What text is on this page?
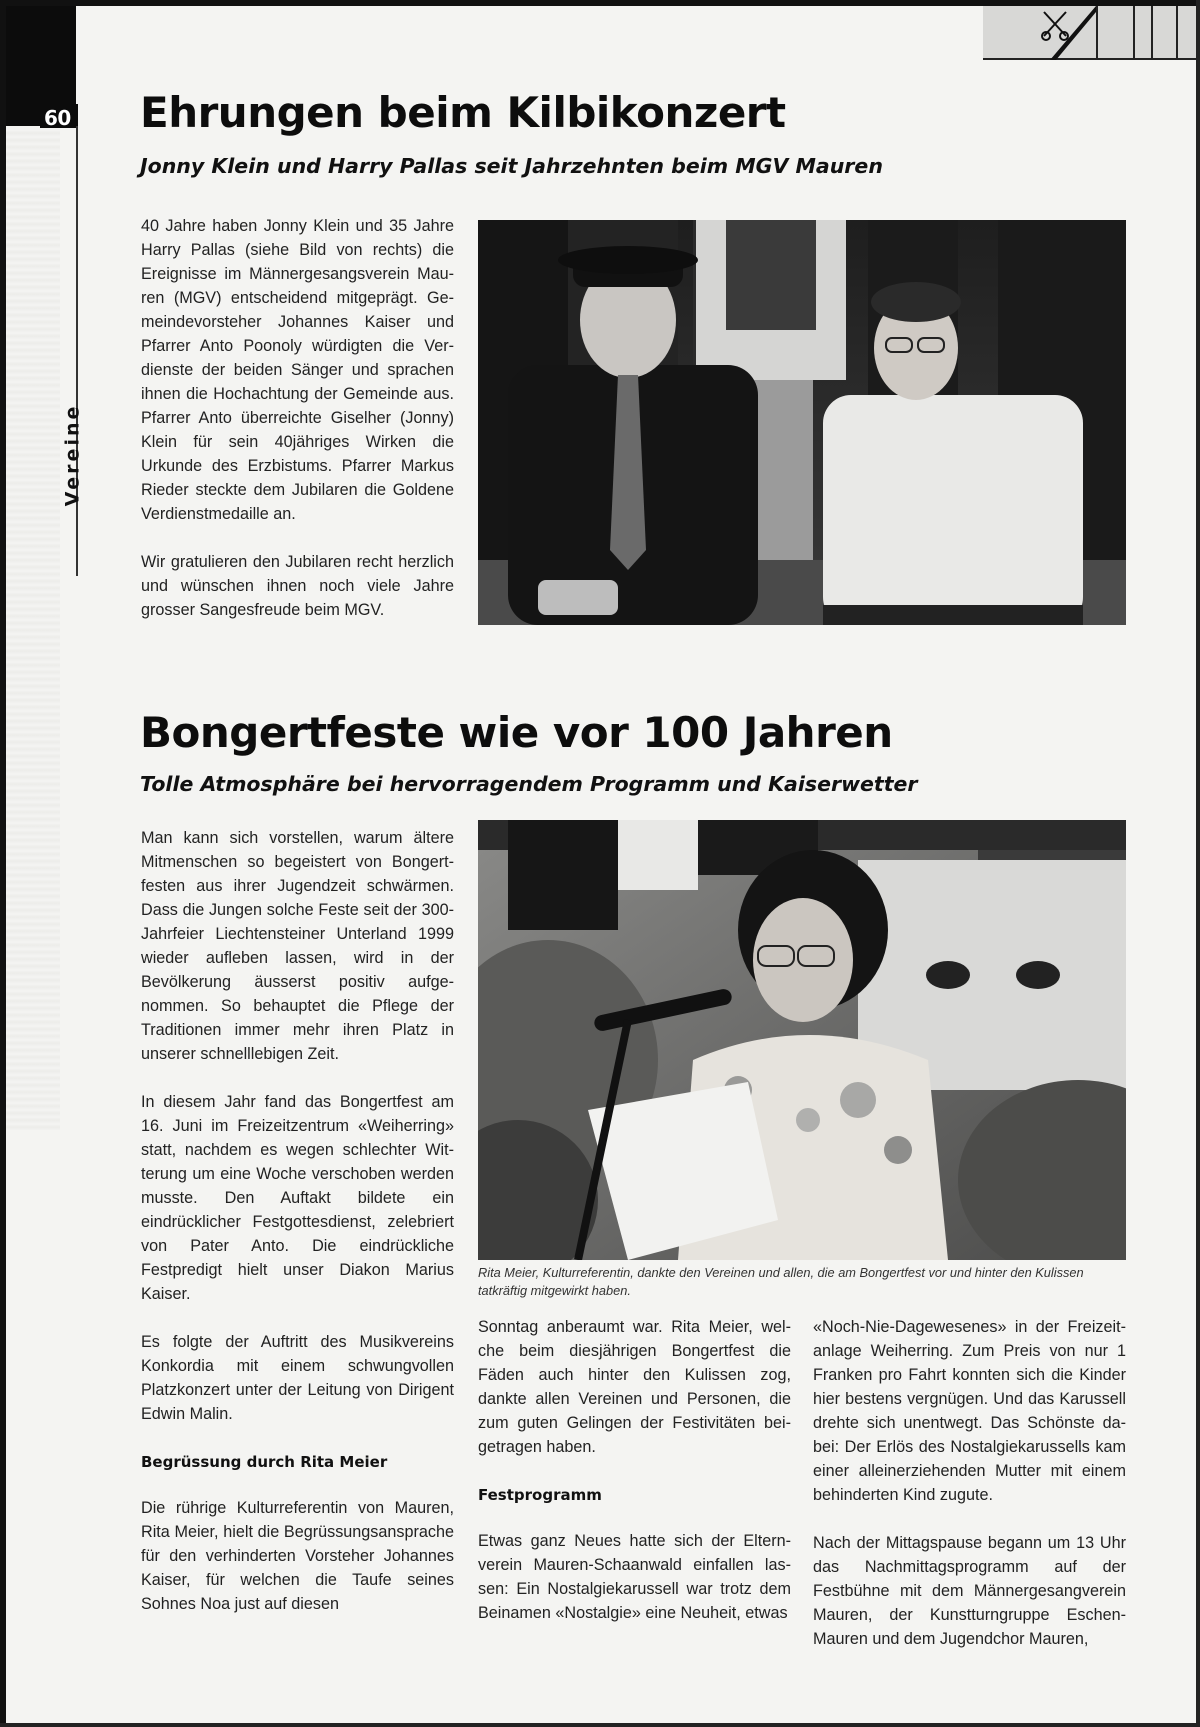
60
Vereine
Ehrungen beim Kilbikonzert
Jonny Klein und Harry Pallas seit Jahrzehnten beim MGV Mauren

40 Jahre haben Jonny Klein und 35 Jahre Harry Pallas (siehe Bild von rechts) die Ereignisse im Männergesangsverein Mauren (MGV) entscheidend mitgeprägt. Gemeindevorsteher Johannes Kaiser und Pfarrer Anto Poonoly würdigten die Verdienste der beiden Sänger und sprachen ihnen die Hochachtung der Gemeinde aus. Pfarrer Anto überreichte Giselher (Jonny) Klein für sein 40jähriges Wirken die Urkunde des Erzbistums. Pfarrer Markus Rieder steckte dem Jubilaren die Goldene Verdienstmedaille an.

Wir gratulieren den Jubilaren recht herzlich und wünschen ihnen noch viele Jahre grosser Sangesfreude beim MGV.

Bongertfeste wie vor 100 Jahren
Tolle Atmosphäre bei hervorragendem Programm und Kaiserwetter
Rita Meier, Kulturreferentin, dankte den Vereinen und allen, die am Bongertfest vor und hinter den Kulissen tatkräftig mitgewirkt haben.

Man kann sich vorstellen, warum ältere Mitmenschen so begeistert von Bongertfesten aus ihrer Jugendzeit schwärmen. Dass die Jungen solche Feste seit der 300-Jahrfeier Liechtensteiner Unterland 1999 wieder aufleben lassen, wird in der Bevölkerung äusserst positiv aufgenommen. So behauptet die Pflege der Traditionen immer mehr ihren Platz in unserer schnelllebigen Zeit.

In diesem Jahr fand das Bongertfest am 16. Juni im Freizeitzentrum «Weiherring» statt, nachdem es wegen schlechter Witterung um eine Woche verschoben werden musste. Den Auftakt bildete ein eindrücklicher Festgottesdienst, zelebriert von Pater Anto. Die eindrückliche Festpredigt hielt unser Diakon Marius Kaiser.

Es folgte der Auftritt des Musikvereins Konkordia mit einem schwungvollen Platzkonzert unter der Leitung von Dirigent Edwin Malin.

Begrüssung durch Rita Meier

Die rührige Kulturreferentin von Mauren, Rita Meier, hielt die Begrüssungsansprache für den verhinderten Vorsteher Johannes Kaiser, für welchen die Taufe seines Sohnes Noa just auf diesen

Sonntag anberaumt war. Rita Meier, welche beim diesjährigen Bongertfest die Fäden auch hinter den Kulissen zog, dankte allen Vereinen und Personen, die zum guten Gelingen der Festivitäten beigetragen haben.

Festprogramm

Etwas ganz Neues hatte sich der Elternverein Mauren-Schaanwald einfallen lassen: Ein Nostalgiekarussell war trotz dem Beinamen «Nostalgie» eine Neuheit, etwas

«Noch-Nie-Dagewesenes» in der Freizeitanlage Weiherring. Zum Preis von nur 1 Franken pro Fahrt konnten sich die Kinder hier bestens vergnügen. Und das Karussell drehte sich unentwegt. Das Schönste dabei: Der Erlös des Nostalgiekarussells kam einer alleinerziehenden Mutter mit einem behinderten Kind zugute.

Nach der Mittagspause begann um 13 Uhr das Nachmittagsprogramm auf der Festbühne mit dem Männergesangverein Mauren, der Kunstturngruppe Eschen-Mauren und dem Jugendchor Mauren,
